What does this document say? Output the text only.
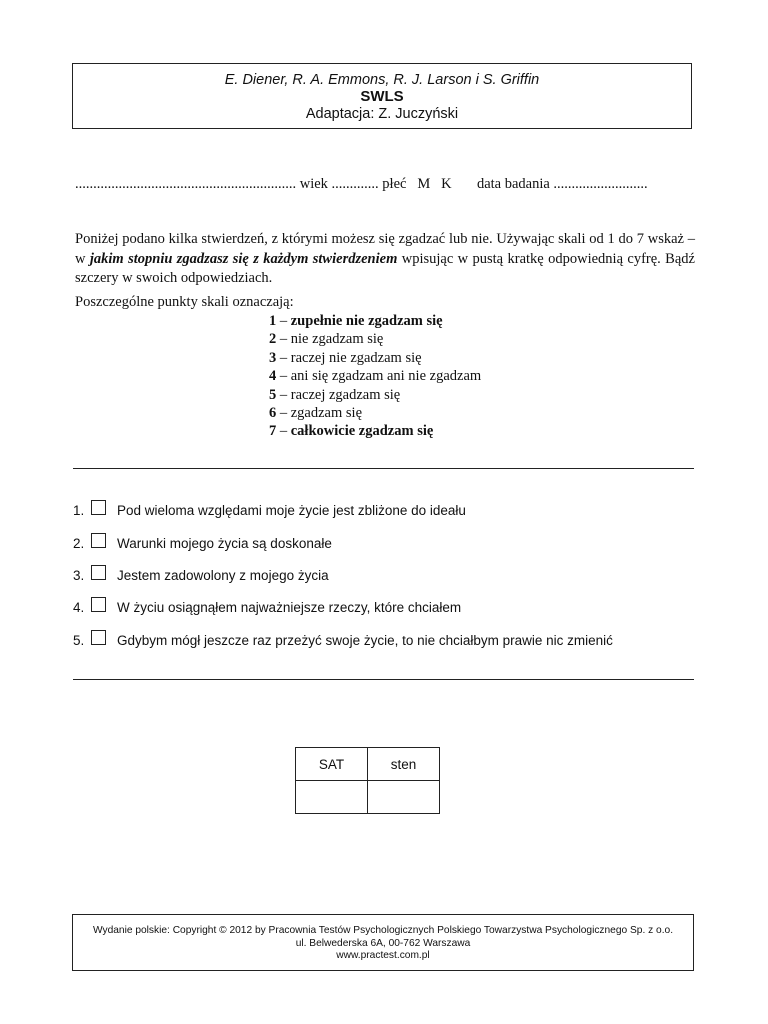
E. Diener, R. A. Emmons, R. J. Larson i S. Griffin
SWLS
Adaptacja: Z. Juczyński
............................................................. wiek ............. płeć   M   K       data badania ..........................
Poniżej podano kilka stwierdzeń, z którymi możesz się zgadzać lub nie. Używając skali od 1 do 7 wskaż – w jakim stopniu zgadzasz się z każdym stwierdzeniem wpisując w pustą kratkę odpowiednią cyfrę. Bądź szczery w swoich odpowiedziach.
Poszczególne punkty skali oznaczają:
1 – zupełnie nie zgadzam się
2 – nie zgadzam się
3 – raczej nie zgadzam się
4 – ani się zgadzam ani nie zgadzam
5 – raczej zgadzam się
6 – zgadzam się
7 – całkowicie zgadzam się
1.	Pod wieloma względami moje życie jest zbliżone do ideału
2.	Warunki mojego życia są doskonałe
3.	Jestem zadowolony z mojego życia
4.	W życiu osiągnąłem najważniejsze rzeczy, które chciałem
5.	Gdybym mógł jeszcze raz przeżyć swoje życie, to nie chciałbym prawie nic zmienić
SAT	sten

Wydanie polskie: Copyright © 2012 by Pracownia Testów Psychologicznych Polskiego Towarzystwa Psychologicznego Sp. z o.o.
ul. Belwederska 6A, 00-762 Warszawa
www.practest.com.pl
